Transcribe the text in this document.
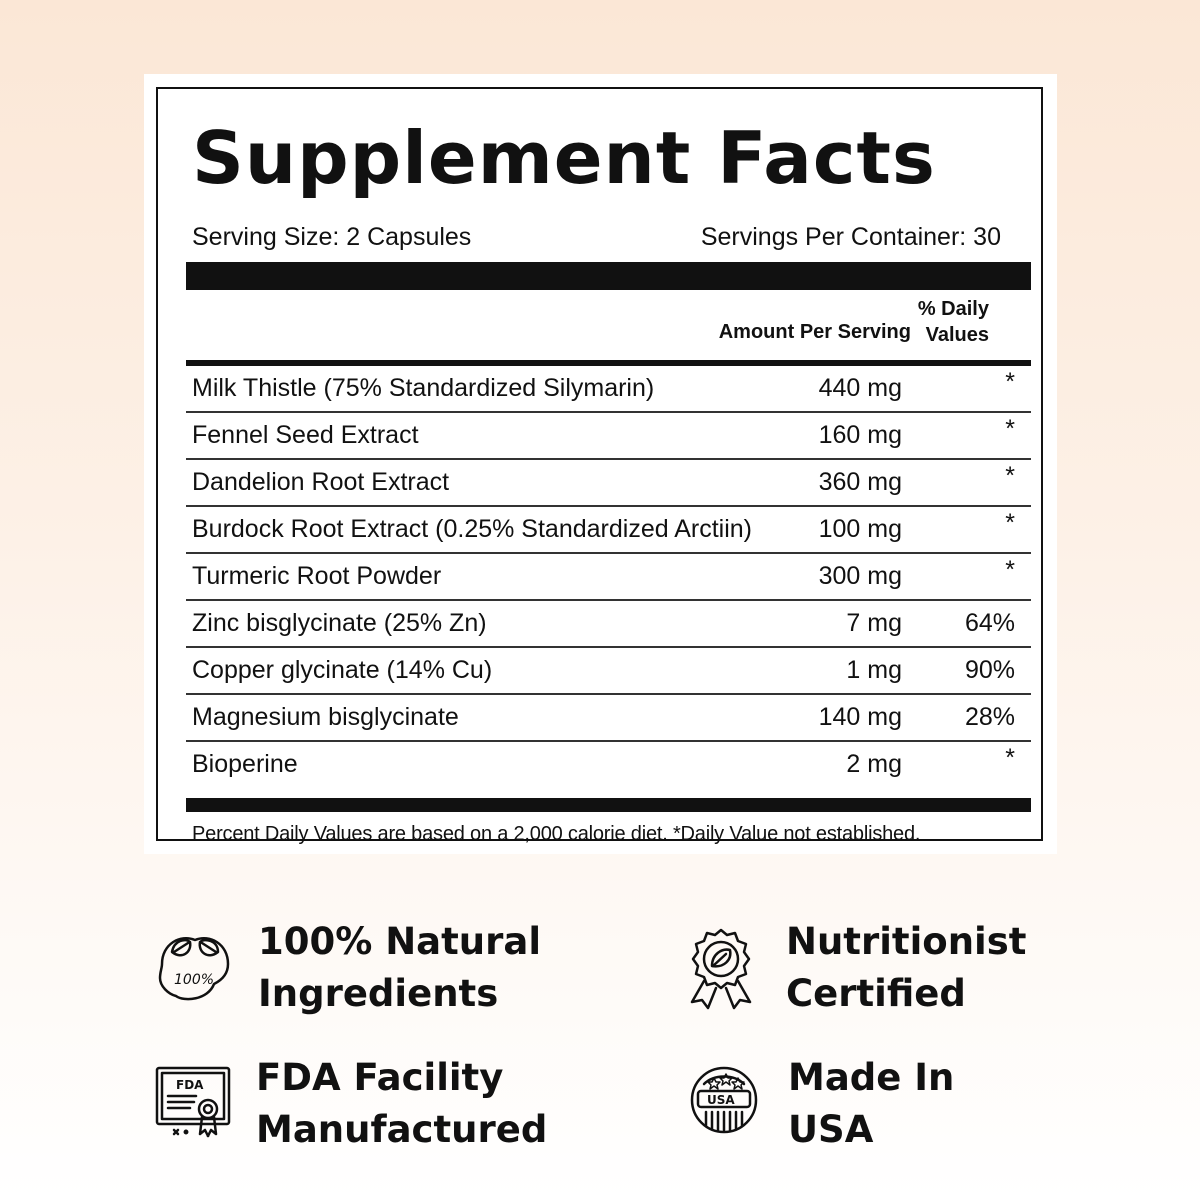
Supplement Facts
Serving Size: 2 Capsules	Servings Per Container: 30
Amount Per Serving
% Daily
Values
Milk Thistle (75% Standardized Silymarin)	440 mg	*
Fennel Seed Extract	160 mg	*
Dandelion Root Extract	360 mg	*
Burdock Root Extract (0.25% Standardized Arctiin)	100 mg	*
Turmeric Root Powder	300 mg	*
Zinc bisglycinate (25% Zn)	7 mg	64%
Copper glycinate (14% Cu)	1 mg	90%
Magnesium bisglycinate	140 mg	28%
Bioperine	2 mg	*
Percent Daily Values are based on a 2,000 calorie diet. *Daily Value not established.
100%
100% Natural
Ingredients
Nutritionist
Certified
FDA FDA Facility
Manufactured
USA
Made In
USA
